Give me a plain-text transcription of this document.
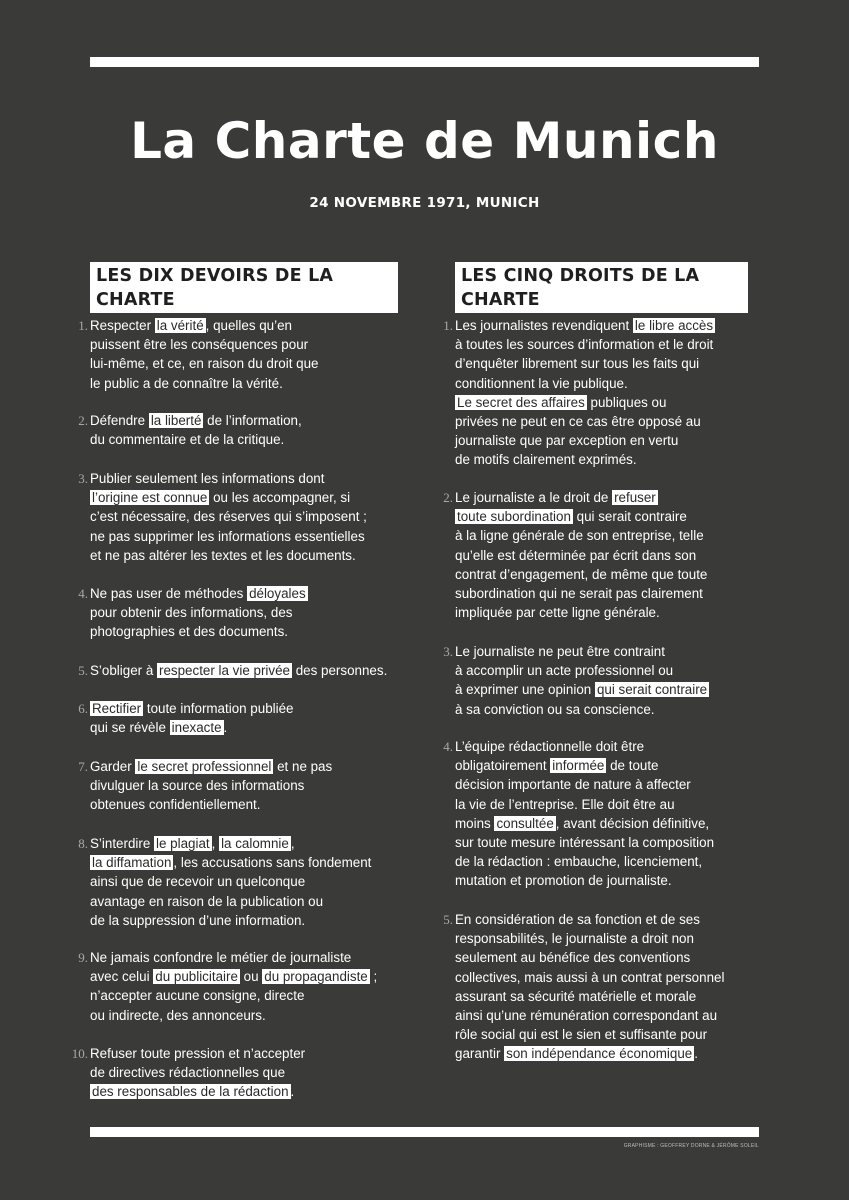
La Charte de Munich
24 NOVEMBRE 1971, MUNICH
LES DIX DEVOIRS DE LA CHARTE
1. Respecter la vérité , quelles qu’en
puissent être les conséquences pour
lui-même, et ce, en raison du droit que
le public a de connaître la vérité.
2. Défendre la liberté de l’information,
du commentaire et de la critique.
3. Publier seulement les informations dont
l’origine est connue ou les accompagner, si
c’est nécessaire, des réserves qui s’imposent ;
ne pas supprimer les informations essentielles
et ne pas altérer les textes et les documents.
4. Ne pas user de méthodes déloyales
pour obtenir des informations, des
photographies et des documents.
5. S’obliger à respecter la vie privée des personnes.
6. Rectifier toute information publiée
qui se révèle inexacte .
7. Garder le secret professionnel et ne pas
divulguer la source des informations
obtenues confidentiellement.
8. S’interdire le plagiat , la calomnie ,
la diffamation , les accusations sans fondement
ainsi que de recevoir un quelconque
avantage en raison de la publication ou
de la suppression d’une information.
9. Ne jamais confondre le métier de journaliste
avec celui du publicitaire ou du propagandiste ;
n’accepter aucune consigne, directe
ou indirecte, des annonceurs.
10. Refuser toute pression et n’accepter
de directives rédactionnelles que
des responsables de la rédaction .
LES CINQ DROITS DE LA CHARTE
1. Les journalistes revendiquent le libre accès
à toutes les sources d’information et le droit
d’enquêter librement sur tous les faits qui
conditionnent la vie publique.
Le secret des affaires publiques ou
privées ne peut en ce cas être opposé au
journaliste que par exception en vertu
de motifs clairement exprimés.
2. Le journaliste a le droit de refuser
toute subordination qui serait contraire
à la ligne générale de son entreprise, telle
qu’elle est déterminée par écrit dans son
contrat d’engagement, de même que toute
subordination qui ne serait pas clairement
impliquée par cette ligne générale.
3. Le journaliste ne peut être contraint
à accomplir un acte professionnel ou
à exprimer une opinion qui serait contraire
à sa conviction ou sa conscience.
4. L’équipe rédactionnelle doit être
obligatoirement informée de toute
décision importante de nature à affecter
la vie de l’entreprise. Elle doit être au
moins consultée , avant décision définitive,
sur toute mesure intéressant la composition
de la rédaction : embauche, licenciement,
mutation et promotion de journaliste.
5. En considération de sa fonction et de ses
responsabilités, le journaliste a droit non
seulement au bénéfice des conventions
collectives, mais aussi à un contrat personnel
assurant sa sécurité matérielle et morale
ainsi qu’une rémunération correspondant au
rôle social qui est le sien et suffisante pour
garantir son indépendance économique .
GRAPHISME : GEOFFREY DORNE & JÉRÔME SOLEIL
